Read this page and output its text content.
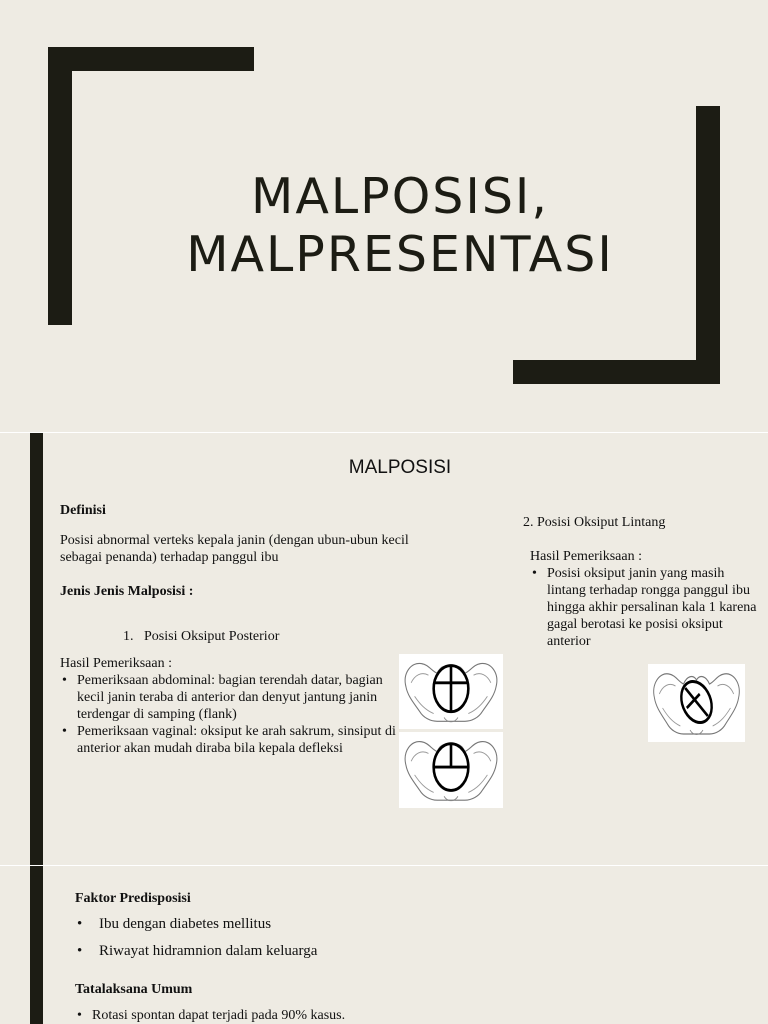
MALPOSISI,
MALPRESENTASI
MALPOSISI
Definisi
Posisi abnormal verteks kepala janin (dengan ubun-ubun kecil sebagai penanda) terhadap panggul ibu
Jenis Jenis Malposisi :
1. Posisi Oksiput Posterior
Hasil Pemeriksaan :
• Pemeriksaan abdominal: bagian terendah datar, bagian kecil janin teraba di anterior dan denyut jantung janin terdengar di samping (flank)
• Pemeriksaan vaginal: oksiput ke arah sakrum, sinsiput di anterior akan mudah diraba bila kepala defleksi
2. Posisi Oksiput Lintang
Hasil Pemeriksaan :
• Posisi oksiput janin yang masih lintang terhadap rongga panggul ibu hingga akhir persalinan kala 1 karena gagal berotasi ke posisi oksiput anterior
Faktor Predisposisi
• Ibu dengan diabetes mellitus
• Riwayat hidramnion dalam keluarga
Tatalaksana Umum
• Rotasi spontan dapat terjadi pada 90% kasus.
